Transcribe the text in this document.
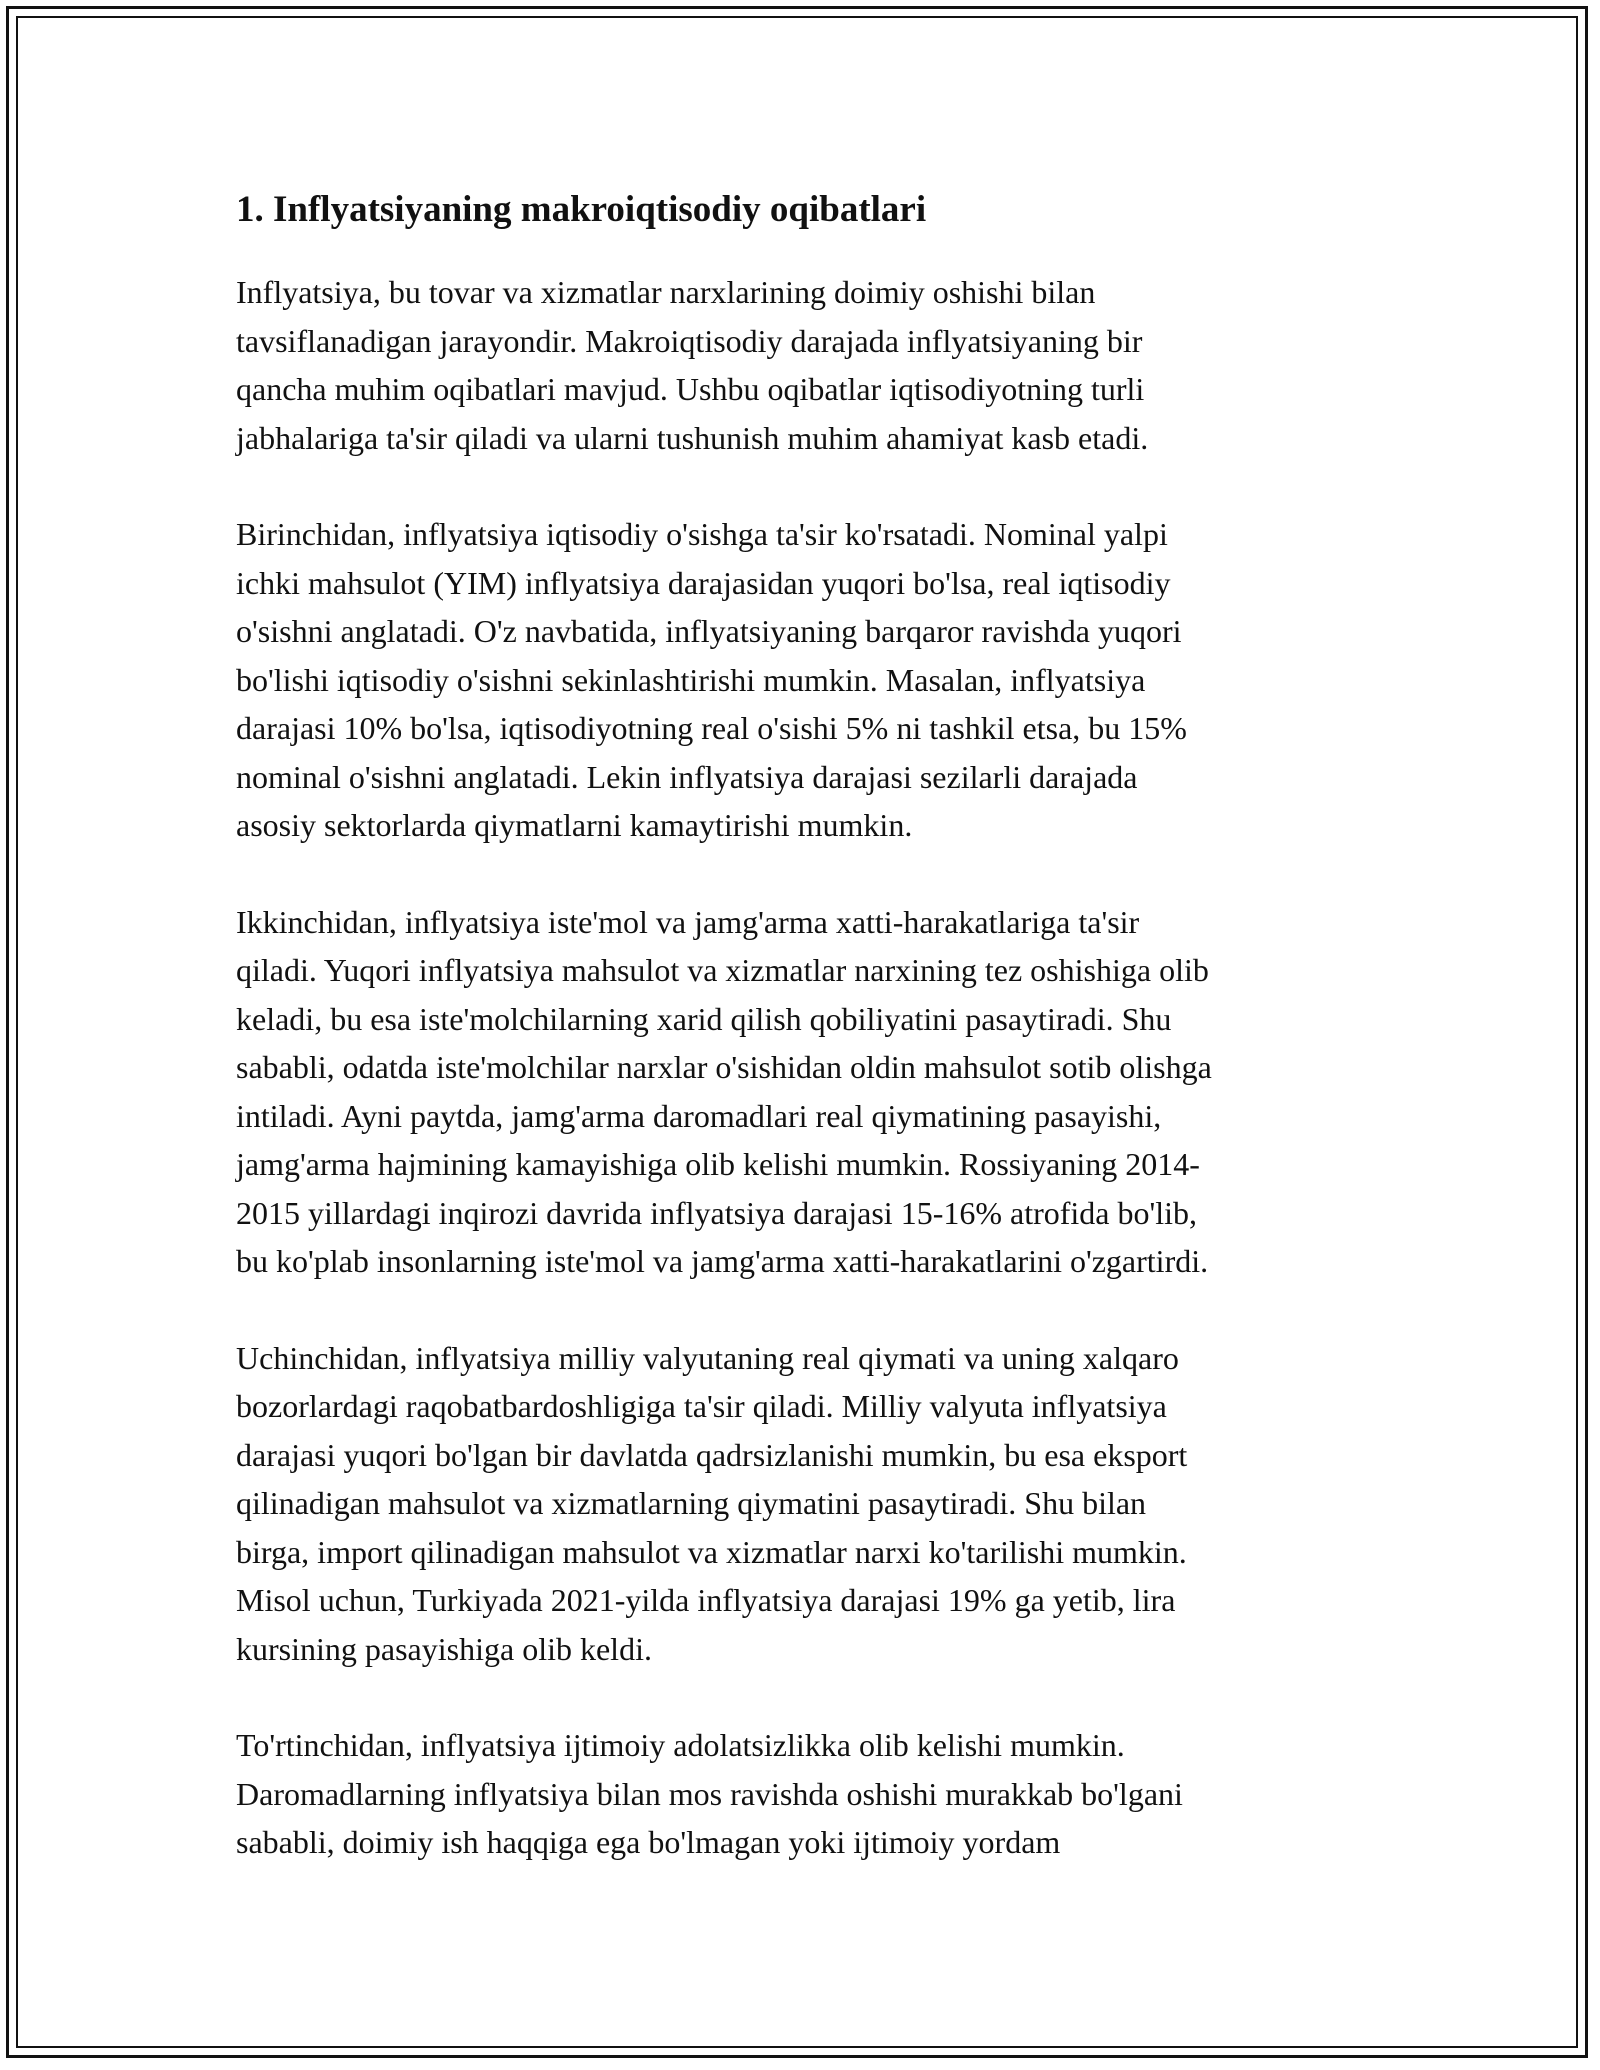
1. Inflyatsiyaning makroiqtisodiy oqibatlari

Inflyatsiya, bu tovar va xizmatlar narxlarining doimiy oshishi bilan
tavsiflanadigan jarayondir. Makroiqtisodiy darajada inflyatsiyaning bir
qancha muhim oqibatlari mavjud. Ushbu oqibatlar iqtisodiyotning turli
jabhalariga ta'sir qiladi va ularni tushunish muhim ahamiyat kasb etadi.

Birinchidan, inflyatsiya iqtisodiy o'sishga ta'sir ko'rsatadi. Nominal yalpi
ichki mahsulot (YIM) inflyatsiya darajasidan yuqori bo'lsa, real iqtisodiy
o'sishni anglatadi. O'z navbatida, inflyatsiyaning barqaror ravishda yuqori
bo'lishi iqtisodiy o'sishni sekinlashtirishi mumkin. Masalan, inflyatsiya
darajasi 10% bo'lsa, iqtisodiyotning real o'sishi 5% ni tashkil etsa, bu 15%
nominal o'sishni anglatadi. Lekin inflyatsiya darajasi sezilarli darajada
asosiy sektorlarda qiymatlarni kamaytirishi mumkin.

Ikkinchidan, inflyatsiya iste'mol va jamg'arma xatti-harakatlariga ta'sir
qiladi. Yuqori inflyatsiya mahsulot va xizmatlar narxining tez oshishiga olib
keladi, bu esa iste'molchilarning xarid qilish qobiliyatini pasaytiradi. Shu
sababli, odatda iste'molchilar narxlar o'sishidan oldin mahsulot sotib olishga
intiladi. Ayni paytda, jamg'arma daromadlari real qiymatining pasayishi,
jamg'arma hajmining kamayishiga olib kelishi mumkin. Rossiyaning 2014-
2015 yillardagi inqirozi davrida inflyatsiya darajasi 15-16% atrofida bo'lib,
bu ko'plab insonlarning iste'mol va jamg'arma xatti-harakatlarini o'zgartirdi.

Uchinchidan, inflyatsiya milliy valyutaning real qiymati va uning xalqaro
bozorlardagi raqobatbardoshligiga ta'sir qiladi. Milliy valyuta inflyatsiya
darajasi yuqori bo'lgan bir davlatda qadrsizlanishi mumkin, bu esa eksport
qilinadigan mahsulot va xizmatlarning qiymatini pasaytiradi. Shu bilan
birga, import qilinadigan mahsulot va xizmatlar narxi ko'tarilishi mumkin.
Misol uchun, Turkiyada 2021-yilda inflyatsiya darajasi 19% ga yetib, lira
kursining pasayishiga olib keldi.

To'rtinchidan, inflyatsiya ijtimoiy adolatsizlikka olib kelishi mumkin.
Daromadlarning inflyatsiya bilan mos ravishda oshishi murakkab bo'lgani
sababli, doimiy ish haqqiga ega bo'lmagan yoki ijtimoiy yordam
